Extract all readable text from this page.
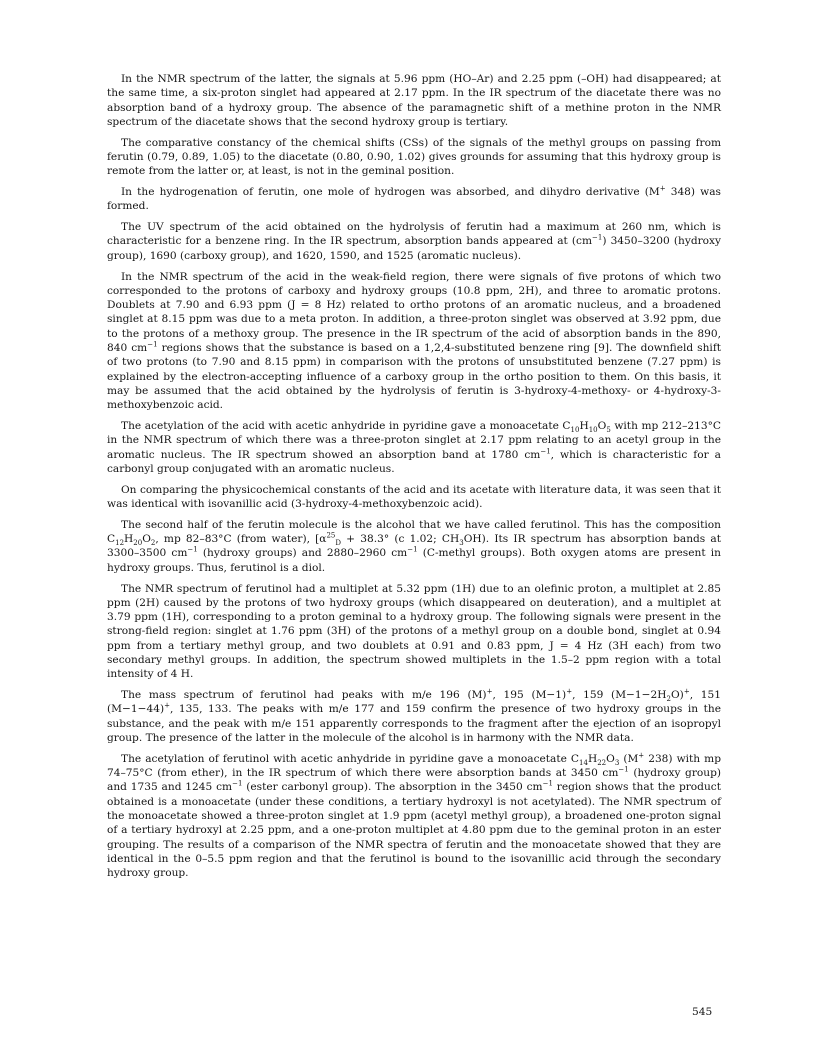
In the NMR spectrum of the latter, the signals at 5.96 ppm (HO–Ar) and 2.25 ppm (–OH) had disappeared; at the same time, a six-proton singlet had appeared at 2.17 ppm. In the IR spectrum of the diacetate there was no absorption band of a hydroxy group. The absence of the paramagnetic shift of a methine proton in the NMR spectrum of the diacetate shows that the second hydroxy group is tertiary.

The comparative constancy of the chemical shifts (CSs) of the signals of the methyl groups on passing from ferutin (0.79, 0.89, 1.05) to the diacetate (0.80, 0.90, 1.02) gives grounds for assuming that this hydroxy group is remote from the latter or, at least, is not in the geminal position.

In the hydrogenation of ferutin, one mole of hydrogen was absorbed, and dihydro derivative (M+ 348) was formed.

The UV spectrum of the acid obtained on the hydrolysis of ferutin had a maximum at 260 nm, which is characteristic for a benzene ring. In the IR spectrum, absorption bands appeared at $(cm^{-1})$ 3450–3200 (hydroxy group), 1690 (carboxy group), and 1620, 1590, and 1525 (aromatic nucleus).

In the NMR spectrum of the acid in the weak-field region, there were signals of five protons of which two corresponded to the protons of carboxy and hydroxy groups (10.8 ppm, 2H), and three to aromatic protons. Doublets at 7.90 and 6.93 ppm (J = 8 Hz) related to ortho protons of an aromatic nucleus, and a broadened singlet at 8.15 ppm was due to a meta proton. In addition, a three-proton singlet was observed at 3.92 ppm, due to the protons of a methoxy group. The presence in the IR spectrum of the acid of absorption bands in the 890, 840 $cm^{-1}$ regions shows that the substance is based on a 1,2,4-substituted benzene ring [9]. The downfield shift of two protons (to 7.90 and 8.15 ppm) in comparison with the protons of unsubstituted benzene (7.27 ppm) is explained by the electron-accepting influence of a carboxy group in the ortho position to them. On this basis, it may be assumed that the acid obtained by the hydrolysis of ferutin is 3-hydroxy-4-methoxy- or 4-hydroxy-3-methoxybenzoic acid.

The acetylation of the acid with acetic anhydride in pyridine gave a monoacetate $C_{10}H_{10}O_5$ with mp 212–213°C in the NMR spectrum of which there was a three-proton singlet at 2.17 ppm relating to an acetyl group in the aromatic nucleus. The IR spectrum showed an absorption band at 1780 $cm^{-1}$, which is characteristic for a carbonyl group conjugated with an aromatic nucleus.

On comparing the physicochemical constants of the acid and its acetate with literature data, it was seen that it was identical with isovanillic acid (3-hydroxy-4-methoxybenzoic acid).

The second half of the ferutin molecule is the alcohol that we have called ferutinol. This has the composition $C_{12}H_{20}O_2$, mp 82–83°C (from water), [$\alpha^{25}_D + 38.3^\circ$ (c 1.02; $CH_3OH$). Its IR spectrum has absorption bands at 3300–3500 $cm^{-1}$ (hydroxy groups) and 2880–2960 $cm^{-1}$ (C-methyl groups). Both oxygen atoms are present in hydroxy groups. Thus, ferutinol is a diol.

The NMR spectrum of ferutinol had a multiplet at 5.32 ppm (1H) due to an olefinic proton, a multiplet at 2.85 ppm (2H) caused by the protons of two hydroxy groups (which disappeared on deuteration), and a multiplet at 3.79 ppm (1H), corresponding to a proton geminal to a hydroxy group. The following signals were present in the strong-field region: singlet at 1.76 ppm (3H) of the protons of a methyl group on a double bond, singlet at 0.94 ppm from a tertiary methyl group, and two doublets at 0.91 and 0.83 ppm, J = 4 Hz (3H each) from two secondary methyl groups. In addition, the spectrum showed multiplets in the 1.5–2 ppm region with a total intensity of 4 H.

The mass spectrum of ferutinol had peaks with m/e 196 (M)+, 195 (M−1)+, 159 $(M-1-2H_2O)^+$, 151 (M−1−44)+, 135, 133. The peaks with m/e 177 and 159 confirm the presence of two hydroxy groups in the substance, and the peak with m/e 151 apparently corresponds to the fragment after the ejection of an isopropyl group. The presence of the latter in the molecule of the alcohol is in harmony with the NMR data.

The acetylation of ferutinol with acetic anhydride in pyridine gave a monoacetate $C_{14}H_{22}O_3$ (M+ 238) with mp 74–75°C (from ether), in the IR spectrum of which there were absorption bands at 3450 $cm^{-1}$ (hydroxy group) and 1735 and 1245 $cm^{-1}$ (ester carbonyl group). The absorption in the 3450 $cm^{-1}$ region shows that the product obtained is a monoacetate (under these conditions, a tertiary hydroxyl is not acetylated). The NMR spectrum of the monoacetate showed a three-proton singlet at 1.9 ppm (acetyl methyl group), a broadened one-proton signal of a tertiary hydroxyl at 2.25 ppm, and a one-proton multiplet at 4.80 ppm due to the geminal proton in an ester grouping. The results of a comparison of the NMR spectra of ferutin and the monoacetate showed that they are identical in the 0–5.5 ppm region and that the ferutinol is bound to the isovanillic acid through the secondary hydroxy group.

545
